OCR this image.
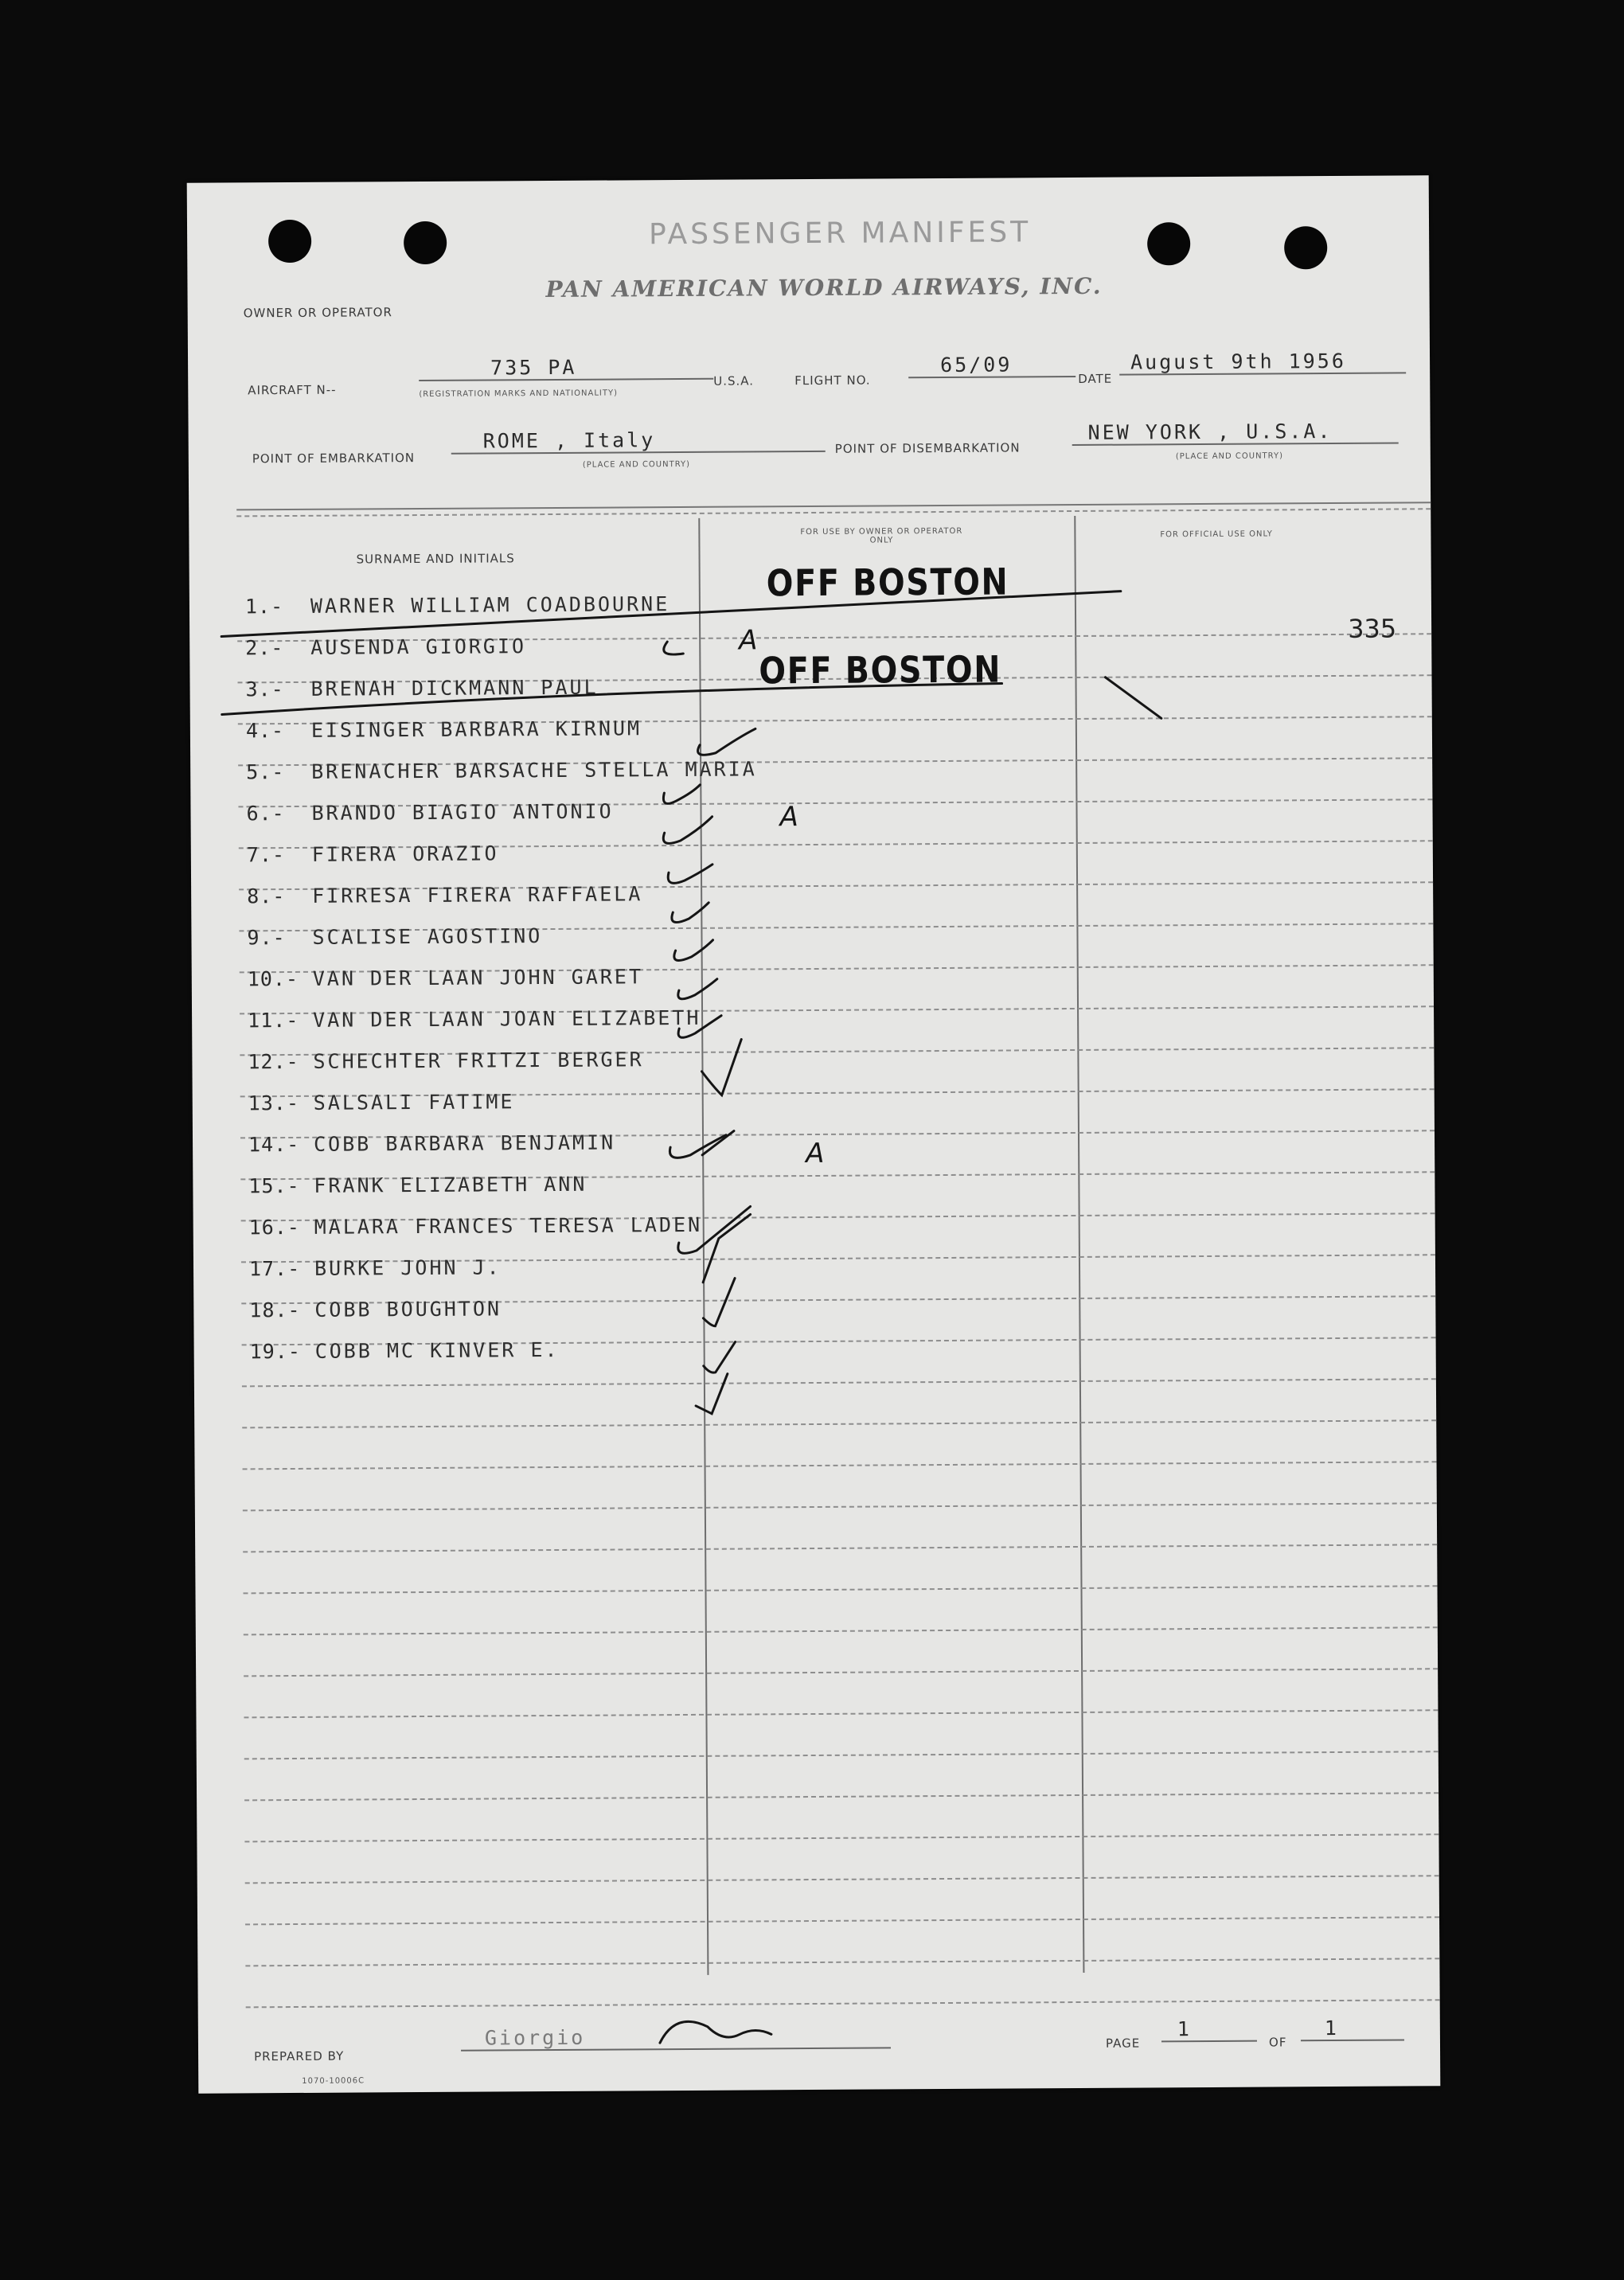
PASSENGER MANIFEST
OWNER OR OPERATOR
PAN AMERICAN WORLD AIRWAYS, INC.
AIRCRAFT N--
735 PA
(REGISTRATION MARKS AND NATIONALITY)
U.S.A.	FLIGHT NO.
65/09
DATE
August 9th 1956
POINT OF EMBARKATION
ROME , Italy
(PLACE AND COUNTRY)
POINT OF DISEMBARKATION
NEW YORK , U.S.A.
(PLACE AND COUNTRY)
SURNAME AND INITIALS
FOR USE BY OWNER OR OPERATOR ONLY
FOR OFFICIAL USE ONLY
1.- WARNER WILLIAM COADBOURNE
2.- AUSENDA GIORGIO
3.- BRENAH DICKMANN PAUL
4.- EISINGER BARBARA KIRNUM
5.- BRENACHER BARSACHE STELLA MARIA
6.- BRANDO BIAGIO ANTONIO
7.- FIRERA ORAZIO
8.- FIRRESA FIRERA RAFFAELA
9.- SCALISE AGOSTINO
10.- VAN DER LAAN JOHN GARET
11.- VAN DER LAAN JOAN ELIZABETH
12.- SCHECHTER FRITZI BERGER
13.- SALSALI FATIME
14.- COBB BARBARA BENJAMIN
15.- FRANK ELIZABETH ANN
16.- MALARA FRANCES TERESA LADEN
17.- BURKE JOHN J.
18.- COBB BOUGHTON
19.- COBB MC KINVER E.
OFF BOSTON
OFF BOSTON
335
A
A
A
PREPARED BY
Giorgio	PAGE
1
OF
1
1070-10006C
